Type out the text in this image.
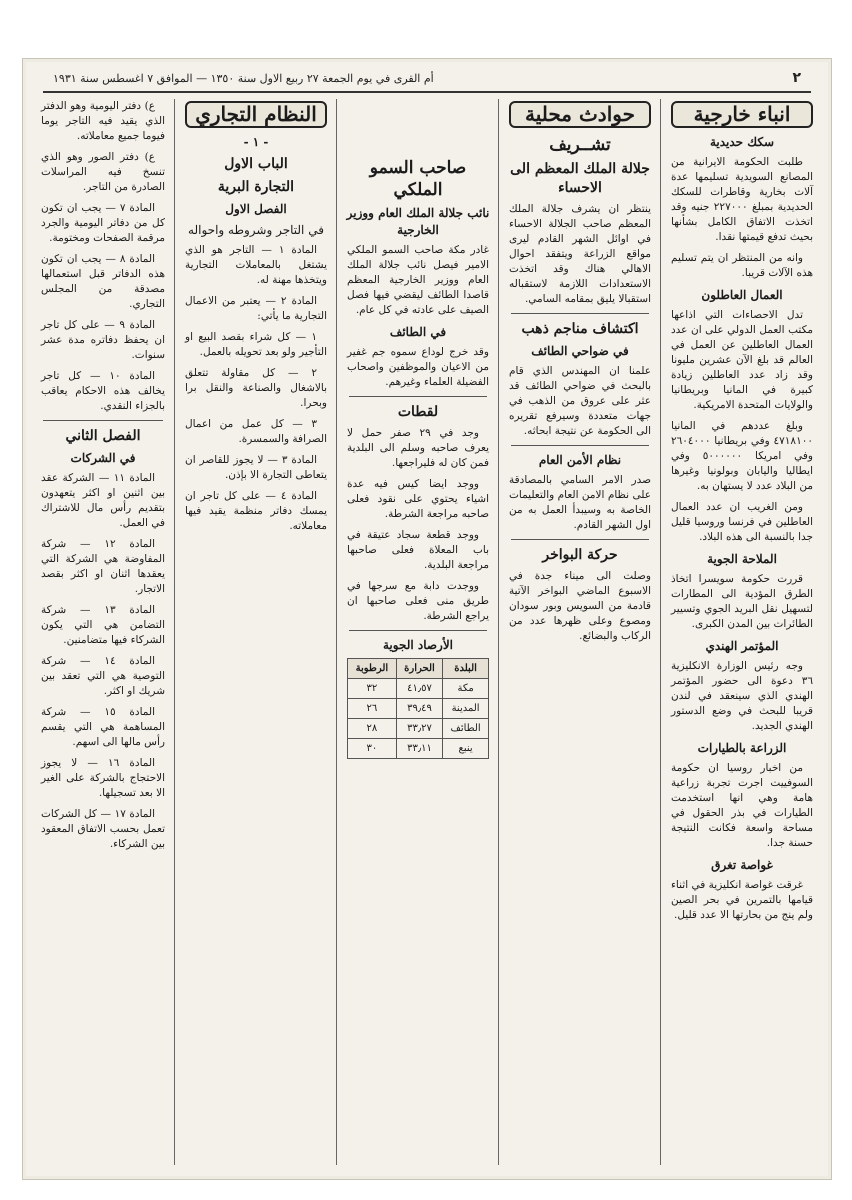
٢
أم القرى في يوم الجمعة ٢٧ ربيع الاول سنة ١٣٥٠ — الموافق ٧ اغسطس سنة ١٩٣١
انباء خارجية
سكك حديدية

طلبت الحكومة الايرانية من المصانع السويدية تسليمها عدة آلات بخارية وقاطرات للسكك الحديدية بمبلغ ٢٢٧٠٠٠ جنيه وقد اتخذت الاتفاق الكامل بشأنها بحيث تدفع قيمتها نقدا.

وانه من المنتظر ان يتم تسليم هذه الآلات قريبا.

العمال العاطلون

تدل الاحصاءات التي اذاعها مكتب العمل الدولي على ان عدد العمال العاطلين عن العمل في العالم قد بلغ الآن عشرين مليونا وقد زاد عدد العاطلين زيادة كبيرة في المانيا وبريطانيا والولايات المتحدة الامريكية.

وبلغ عددهم في المانيا ٤٧١٨١٠٠ وفي بريطانيا ٢٦٠٤٠٠٠ وفي امريكا ٥٠٠٠٠٠٠ وفي ايطاليا واليابان وبولونيا وغيرها من البلاد عدد لا يستهان به.

ومن الغريب ان عدد العمال العاطلين في فرنسا وروسيا قليل جدا بالنسبة الى هذه البلاد.

الملاحة الجوية

قررت حكومة سويسرا اتخاذ الطرق المؤدية الى المطارات لتسهيل نقل البريد الجوي وتسيير الطائرات بين المدن الكبرى.

المؤتمر الهندي

وجه رئيس الوزارة الانكليزية ٣٦ دعوة الى حضور المؤتمر الهندي الذي سينعقد في لندن قريبا للبحث في وضع الدستور الهندي الجديد.

الزراعة بالطيارات

من اخبار روسيا ان حكومة السوفييت اجرت تجربة زراعية هامة وهي انها استخدمت الطيارات في بذر الحقول في مساحة واسعة فكانت النتيجة حسنة جدا.

غواصة تغرق

غرقت غواصة انكليزية في اثناء قيامها بالتمرين في بحر الصين ولم ينج من بحارتها الا عدد قليل.

حوادث محلية
تشــريف
جلالة الملك المعظم الى الاحساء

ينتظر ان يشرف جلالة الملك المعظم صاحب الجلالة الاحساء في اوائل الشهر القادم ليرى مواقع الزراعة ويتفقد احوال الاهالي هناك وقد اتخذت الاستعدادات اللازمة لاستقباله استقبالا يليق بمقامه السامي.

اكتشاف مناجم ذهب
في ضواحي الطائف

علمنا ان المهندس الذي قام بالبحث في ضواحي الطائف قد عثر على عروق من الذهب في جهات متعددة وسيرفع تقريره الى الحكومة عن نتيجة ابحاثه.

نظام الأمن العام

صدر الامر السامي بالمصادقة على نظام الامن العام والتعليمات الخاصة به وسيبدأ العمل به من اول الشهر القادم.

حركة البواخر

وصلت الى ميناء جدة في الاسبوع الماضي البواخر الآتية قادمة من السويس وبور سودان ومصوع وعلى ظهرها عدد من الركاب والبضائع.

صاحب السمو الملكي
نائب جلالة الملك العام ووزير الخارجية

غادر مكة صاحب السمو الملكي الامير فيصل نائب جلالة الملك العام ووزير الخارجية المعظم قاصدا الطائف ليقضي فيها فصل الصيف على عادته في كل عام.

في الطائف

وقد خرج لوداع سموه جم غفير من الاعيان والموظفين واصحاب الفضيلة العلماء وغيرهم.

لقطات

وجد في ٢٩ صفر حمل لا يعرف صاحبه وسلم الى البلدية فمن كان له فليراجعها.

ووجد ايضا كيس فيه عدة اشياء يحتوي على نقود فعلى صاحبه مراجعة الشرطة.

ووجد قطعة سجاد عتيقة في باب المعلاة فعلى صاحبها مراجعة البلدية.

ووجدت دابة مع سرجها في طريق منى فعلى صاحبها ان يراجع الشرطة.

الأرصاد الجوية
البلدة	الحرارة	الرطوبة
مكة	٤١٫٥٧	٣٢
المدينة	٣٩٫٤٩	٢٦
الطائف	٣٣٫٢٧	٢٨
ينبع	٣٣٫١١	٣٠
النظام التجاري
- ١ -
الباب الاول
التجارة البرية
الفصل الاول
في التاجر وشروطه واحواله

المادة ١ — التاجر هو الذي يشتغل بالمعاملات التجارية ويتخذها مهنة له.

المادة ٢ — يعتبر من الاعمال التجارية ما يأتي:

١ — كل شراء بقصد البيع او التأجير ولو بعد تحويله بالعمل.

٢ — كل مقاولة تتعلق بالاشغال والصناعة والنقل برا وبحرا.

٣ — كل عمل من اعمال الصرافة والسمسرة.

المادة ٣ — لا يجوز للقاصر ان يتعاطى التجارة الا بإذن.

المادة ٤ — على كل تاجر ان يمسك دفاتر منظمة يقيد فيها معاملاته.

ع) دفتر اليومية وهو الدفتر الذي يقيد فيه التاجر يوما فيوما جميع معاملاته.

ع) دفتر الصور وهو الذي تنسخ فيه المراسلات الصادرة من التاجر.

المادة ٧ — يجب ان تكون كل من دفاتر اليومية والجرد مرقمة الصفحات ومختومة.

المادة ٨ — يجب ان تكون هذه الدفاتر قبل استعمالها مصدقة من المجلس التجاري.

المادة ٩ — على كل تاجر ان يحفظ دفاتره مدة عشر سنوات.

المادة ١٠ — كل تاجر يخالف هذه الاحكام يعاقب بالجزاء النقدي.

الفصل الثاني
في الشركات

المادة ١١ — الشركة عقد بين اثنين او اكثر يتعهدون بتقديم رأس مال للاشتراك في العمل.

المادة ١٢ — شركة المفاوضة هي الشركة التي يعقدها اثنان او اكثر بقصد الاتجار.

المادة ١٣ — شركة التضامن هي التي يكون الشركاء فيها متضامنين.

المادة ١٤ — شركة التوصية هي التي تعقد بين شريك او اكثر.

المادة ١٥ — شركة المساهمة هي التي يقسم رأس مالها الى اسهم.

المادة ١٦ — لا يجوز الاحتجاج بالشركة على الغير الا بعد تسجيلها.

المادة ١٧ — كل الشركات تعمل بحسب الاتفاق المعقود بين الشركاء.
